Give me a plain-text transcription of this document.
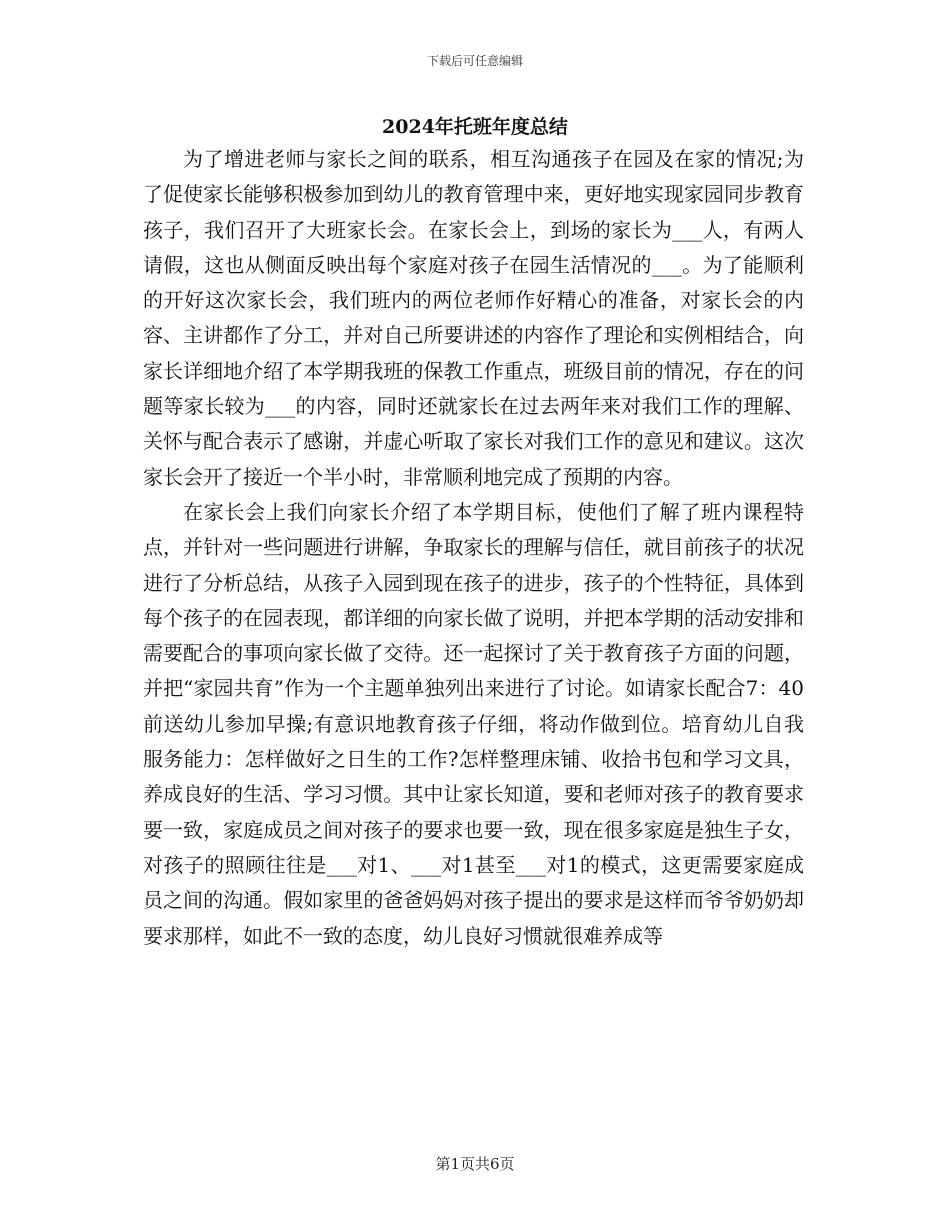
下载后可任意编辑
2024年托班年度总结

为了增进老师与家长之间的联系，相互沟通孩子在园及在家的情况;为了促使家长能够积极参加到幼儿的教育管理中来，更好地实现家园同步教育孩子，我们召开了大班家长会。在家长会上，到场的家长为___人，有两人请假，这也从侧面反映出每个家庭对孩子在园生活情况的___。为了能顺利的开好这次家长会，我们班内的两位老师作好精心的准备，对家长会的内容、主讲都作了分工，并对自己所要讲述的内容作了理论和实例相结合，向家长详细地介绍了本学期我班的保教工作重点，班级目前的情况，存在的问题等家长较为___的内容，同时还就家长在过去两年来对我们工作的理解、关怀与配合表示了感谢，并虚心听取了家长对我们工作的意见和建议。这次家长会开了接近一个半小时，非常顺利地完成了预期的内容。

在家长会上我们向家长介绍了本学期目标，使他们了解了班内课程特点，并针对一些问题进行讲解，争取家长的理解与信任，就目前孩子的状况进行了分析总结，从孩子入园到现在孩子的进步，孩子的个性特征，具体到每个孩子的在园表现，都详细的向家长做了说明，并把本学期的活动安排和需要配合的事项向家长做了交待。还一起探讨了关于教育孩子方面的问题，并把“家园共育”作为一个主题单独列出来进行了讨论。如请家长配合7：40前送幼儿参加早操;有意识地教育孩子仔细，将动作做到位。培育幼儿自我服务能力：怎样做好之日生的工作?怎样整理床铺、收拾书包和学习文具，养成良好的生活、学习习惯。其中让家长知道，要和老师对孩子的教育要求要一致，家庭成员之间对孩子的要求也要一致，现在很多家庭是独生子女，对孩子的照顾往往是___对1、___对1甚至___对1的模式，这更需要家庭成员之间的沟通。假如家里的爸爸妈妈对孩子提出的要求是这样而爷爷奶奶却要求那样，如此不一致的态度，幼儿良好习惯就很难养成等

第1页共6页
